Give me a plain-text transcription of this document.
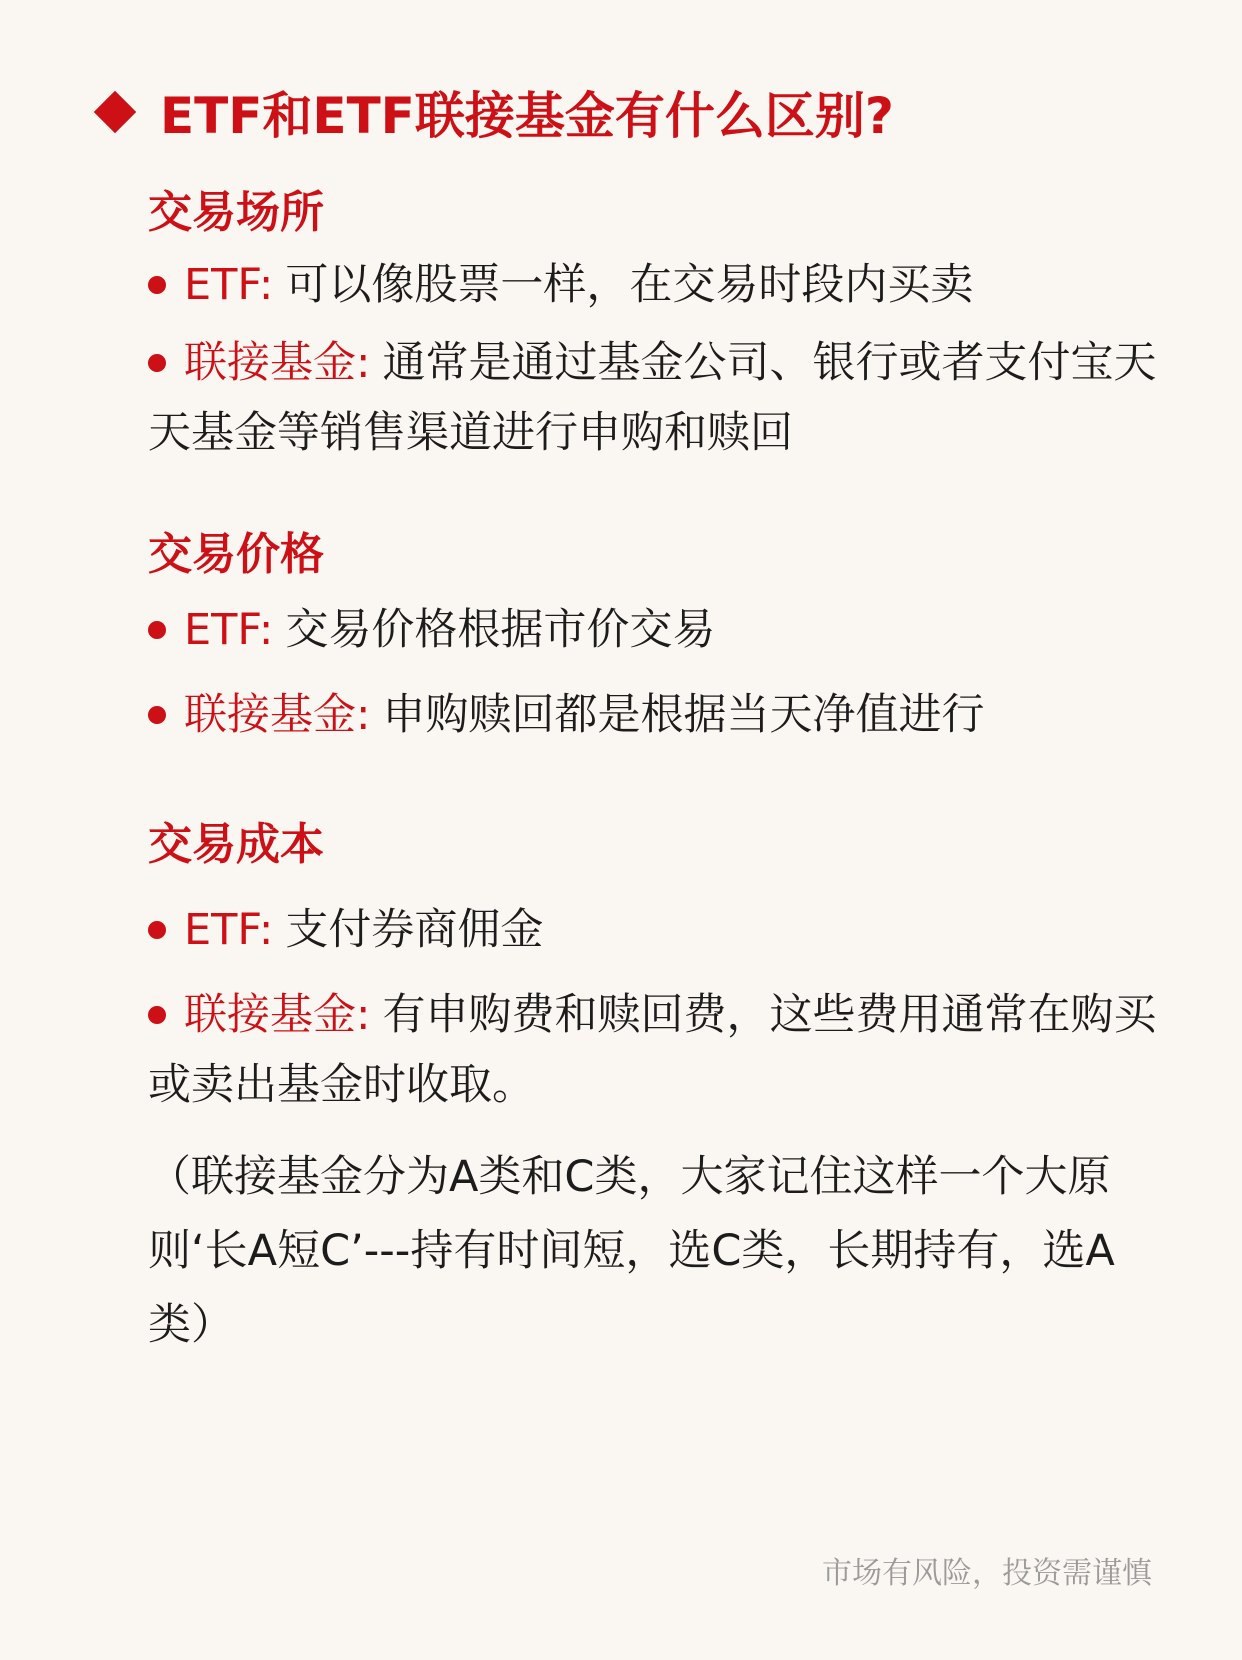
ETF和ETF联接基金有什么区别?
交易场所
ETF: 可以像股票一样，在交易时段内买卖
联接基金: 通常是通过基金公司、银行或者支付宝天天基金等销售渠道进行申购和赎回
交易价格
ETF: 交易价格根据市价交易
联接基金: 申购赎回都是根据当天净值进行
交易成本
ETF: 支付券商佣金
联接基金: 有申购费和赎回费，这些费用通常在购买或卖出基金时收取。
（联接基金分为A类和C类，大家记住这样一个大原则‘长A短C’---持有时间短，选C类，长期持有，选A类）
市场有风险，投资需谨慎
